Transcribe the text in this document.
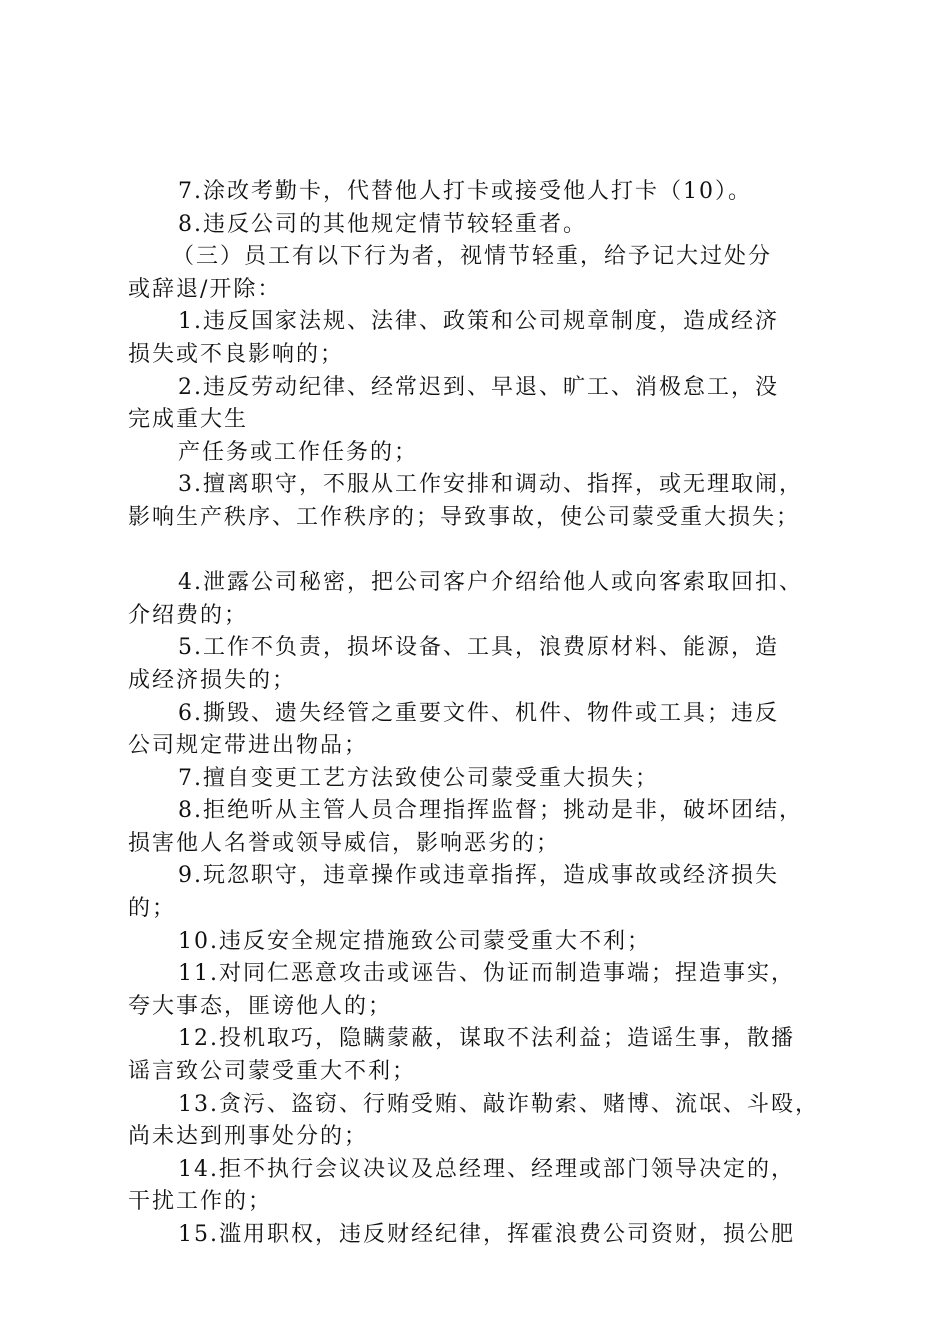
7.涂改考勤卡，代替他人打卡或接受他人打卡（10）。
8.违反公司的其他规定情节较轻重者。
（三）员工有以下行为者，视情节轻重，给予记大过处分
或辞退/开除：
1.违反国家法规、法律、政策和公司规章制度，造成经济
损失或不良影响的；
2.违反劳动纪律、经常迟到、早退、旷工、消极怠工，没
完成重大生
产任务或工作任务的；
3.擅离职守，不服从工作安排和调动、指挥，或无理取闹，
影响生产秩序、工作秩序的；导致事故，使公司蒙受重大损失；
4.泄露公司秘密，把公司客户介绍给他人或向客索取回扣、
介绍费的；
5.工作不负责，损坏设备、工具，浪费原材料、能源，造
成经济损失的；
6.撕毁、遗失经管之重要文件、机件、物件或工具；违反
公司规定带进出物品；
7.擅自变更工艺方法致使公司蒙受重大损失；
8.拒绝听从主管人员合理指挥监督；挑动是非，破坏团结，
损害他人名誉或领导威信，影响恶劣的；
9.玩忽职守，违章操作或违章指挥，造成事故或经济损失
的；
10.违反安全规定措施致公司蒙受重大不利；
11.对同仁恶意攻击或诬告、伪证而制造事端；捏造事实，
夸大事态，匪谤他人的；
12.投机取巧，隐瞒蒙蔽，谋取不法利益；造谣生事，散播
谣言致公司蒙受重大不利；
13.贪污、盗窃、行贿受贿、敲诈勒索、赌博、流氓、斗殴，
尚未达到刑事处分的；
14.拒不执行会议决议及总经理、经理或部门领导决定的，
干扰工作的；
15.滥用职权，违反财经纪律，挥霍浪费公司资财，损公肥
